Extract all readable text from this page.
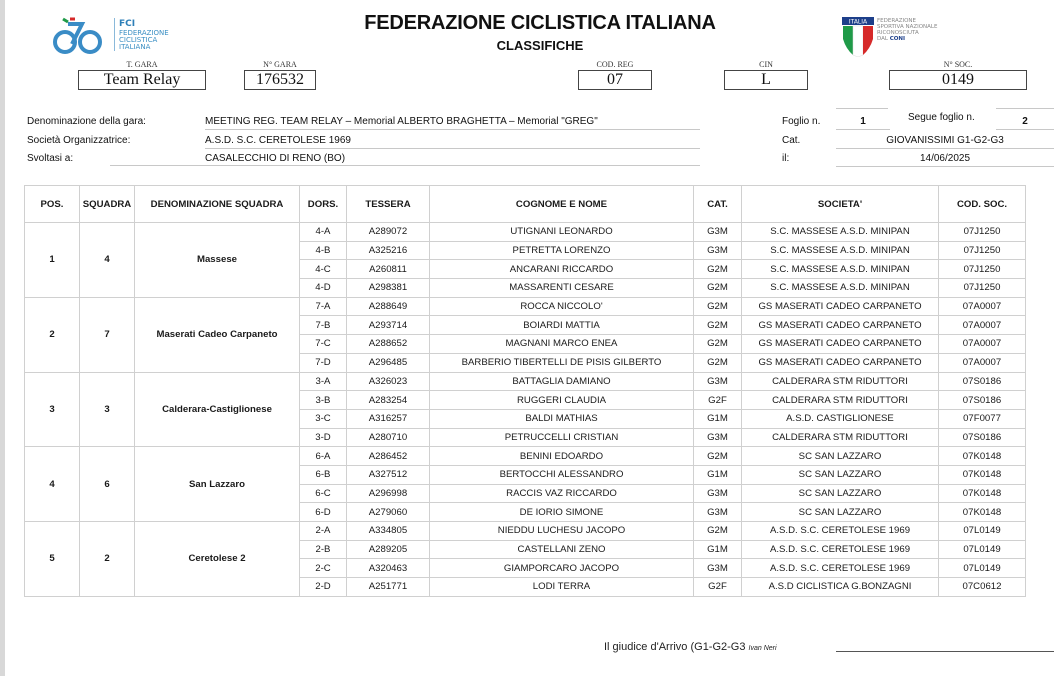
FCI
FEDERAZIONE
CICLISTICA
ITALIANA
FEDERAZIONE CICLISTICA ITALIANA
CLASSIFICHE
ITALIA FEDERAZIONE
SPORTIVA NAZIONALE
RICONOSCIUTA
DAL CONI
T. GARA
Team Relay
N° GARA
176532
COD. REG
07
CIN
L
N° SOC.
0149
Denominazione della gara:	MEETING REG. TEAM RELAY – Memorial ALBERTO BRAGHETTA – Memorial "GREG"
Società Organizzatrice:	A.S.D. S.C. CERETOLESE 1969
Svoltasi a:	CASALECCHIO DI RENO (BO)
Foglio n.	1	Segue foglio n.	2
Cat.	GIOVANISSIMI G1-G2-G3
il:	14/06/2025
POS.	SQUADRA	DENOMINAZIONE SQUADRA	DORS.	TESSERA	COGNOME E NOME	CAT.	SOCIETA'	COD. SOC.
1	4	Massese	4-A	A289072	UTIGNANI LEONARDO	G3M	S.C. MASSESE A.S.D. MINIPAN	07J1250
			4-B	A325216	PETRETTA LORENZO	G3M	S.C. MASSESE A.S.D. MINIPAN	07J1250
			4-C	A260811	ANCARANI RICCARDO	G2M	S.C. MASSESE A.S.D. MINIPAN	07J1250
			4-D	A298381	MASSARENTI CESARE	G2M	S.C. MASSESE A.S.D. MINIPAN	07J1250
2	7	Maserati Cadeo Carpaneto	7-A	A288649	ROCCA NICCOLO'	G2M	GS MASERATI CADEO CARPANETO	07A0007
			7-B	A293714	BOIARDI MATTIA	G2M	GS MASERATI CADEO CARPANETO	07A0007
			7-C	A288652	MAGNANI MARCO ENEA	G2M	GS MASERATI CADEO CARPANETO	07A0007
			7-D	A296485	BARBERIO TIBERTELLI DE PISIS GILBERTO	G2M	GS MASERATI CADEO CARPANETO	07A0007
3	3	Calderara-Castiglionese	3-A	A326023	BATTAGLIA DAMIANO	G3M	CALDERARA STM RIDUTTORI	07S0186
			3-B	A283254	RUGGERI CLAUDIA	G2F	CALDERARA STM RIDUTTORI	07S0186
			3-C	A316257	BALDI MATHIAS	G1M	A.S.D. CASTIGLIONESE	07F0077
			3-D	A280710	PETRUCCELLI CRISTIAN	G3M	CALDERARA STM RIDUTTORI	07S0186
4	6	San Lazzaro	6-A	A286452	BENINI EDOARDO	G2M	SC SAN LAZZARO	07K0148
			6-B	A327512	BERTOCCHI ALESSANDRO	G1M	SC SAN LAZZARO	07K0148
			6-C	A296998	RACCIS VAZ RICCARDO	G3M	SC SAN LAZZARO	07K0148
			6-D	A279060	DE IORIO SIMONE	G3M	SC SAN LAZZARO	07K0148
5	2	Ceretolese 2	2-A	A334805	NIEDDU LUCHESU JACOPO	G2M	A.S.D. S.C. CERETOLESE 1969	07L0149
			2-B	A289205	CASTELLANI ZENO	G1M	A.S.D. S.C. CERETOLESE 1969	07L0149
			2-C	A320463	GIAMPORCARO JACOPO	G3M	A.S.D. S.C. CERETOLESE 1969	07L0149
			2-D	A251771	LODI TERRA	G2F	A.S.D CICLISTICA G.BONZAGNI	07C0612
Il giudice d'Arrivo (G1-G2-G3 Ivan Neri
